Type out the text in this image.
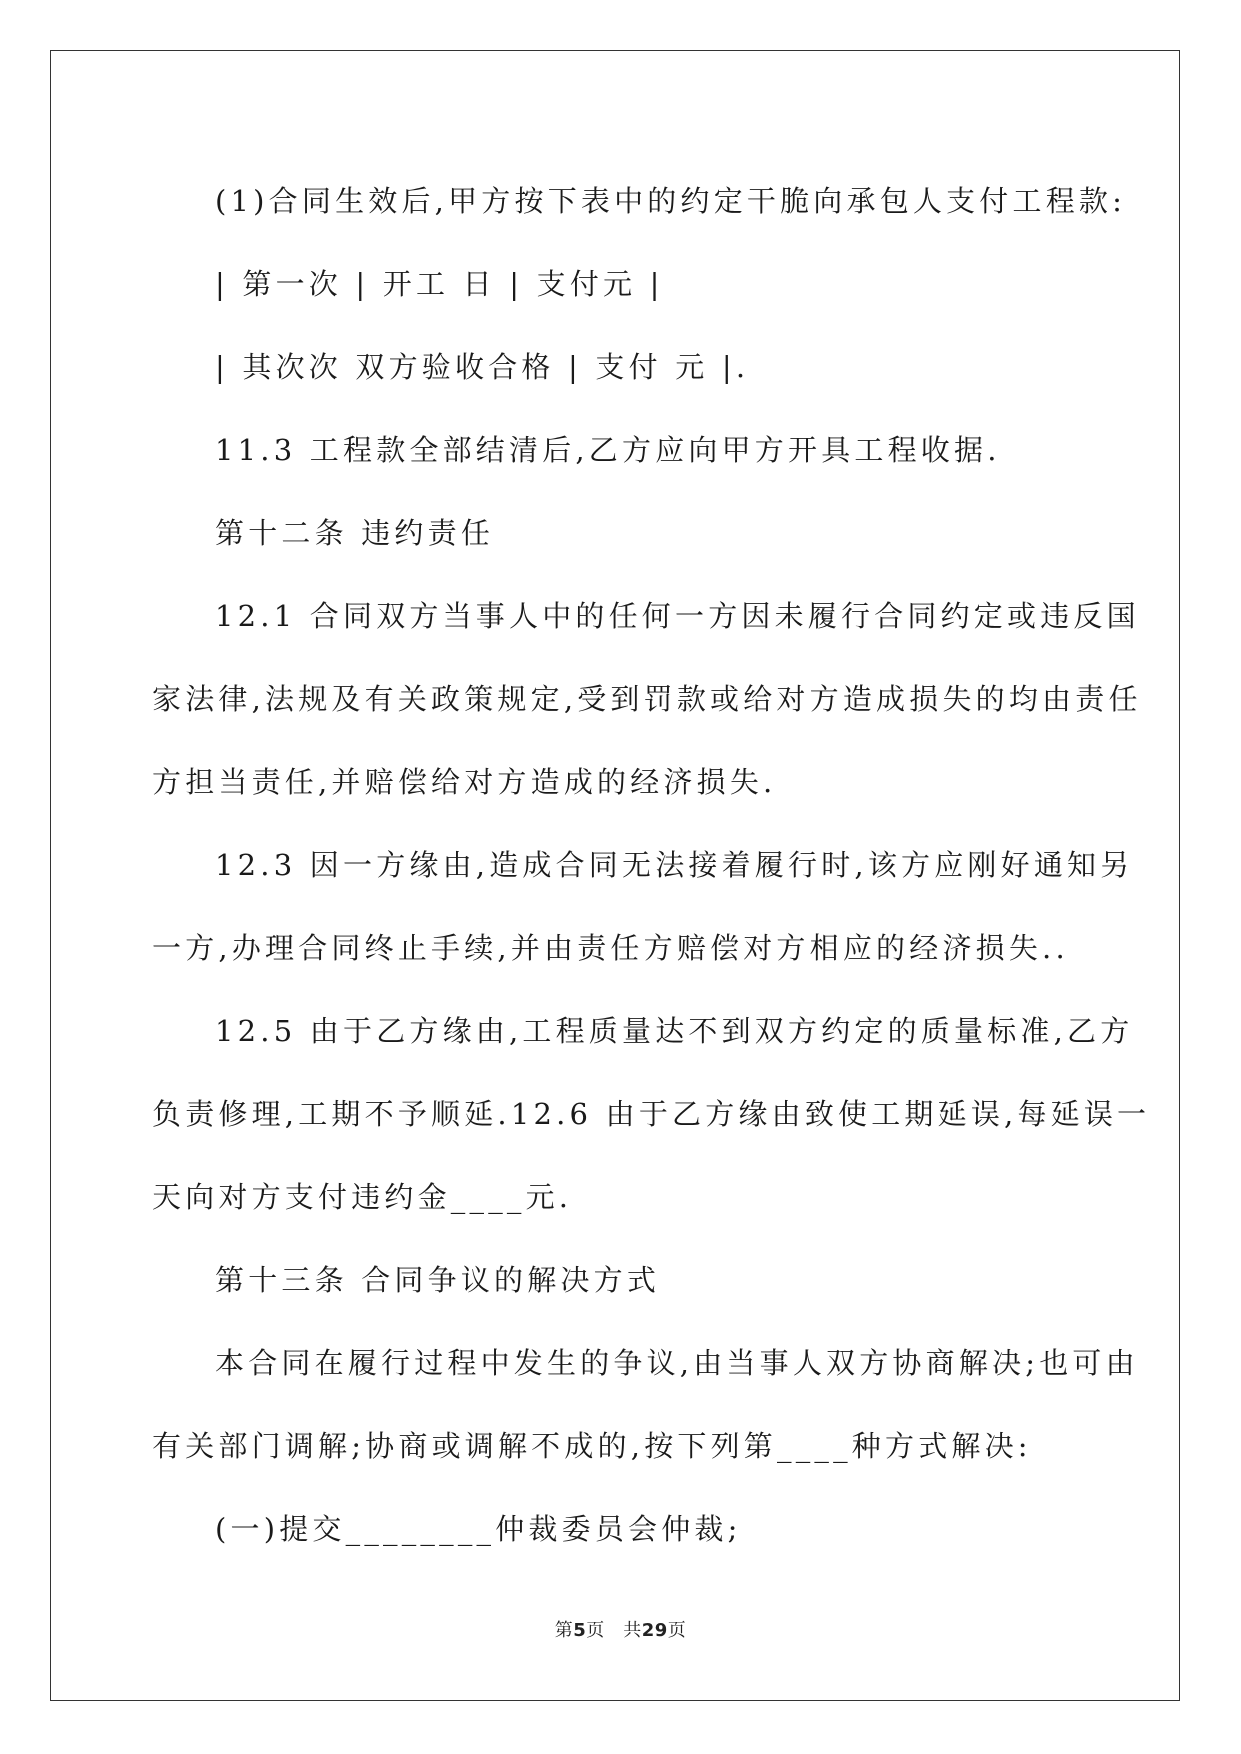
(1)合同生效后,甲方按下表中的约定干脆向承包人支付工程款:

| 第一次 | 开工 日 | 支付元 |

| 其次次 双方验收合格 | 支付 元 |.

11.3 工程款全部结清后,乙方应向甲方开具工程收据.

第十二条 违约责任

12.1 合同双方当事人中的任何一方因未履行合同约定或违反国

家法律,法规及有关政策规定,受到罚款或给对方造成损失的均由责任

方担当责任,并赔偿给对方造成的经济损失.

12.3 因一方缘由,造成合同无法接着履行时,该方应刚好通知另

一方,办理合同终止手续,并由责任方赔偿对方相应的经济损失..

12.5 由于乙方缘由,工程质量达不到双方约定的质量标准,乙方

负责修理,工期不予顺延.12.6 由于乙方缘由致使工期延误,每延误一

天向对方支付违约金____元.

第十三条 合同争议的解决方式

本合同在履行过程中发生的争议,由当事人双方协商解决;也可由

有关部门调解;协商或调解不成的,按下列第____种方式解决:

(一)提交________仲裁委员会仲裁;

第5页　共29页
